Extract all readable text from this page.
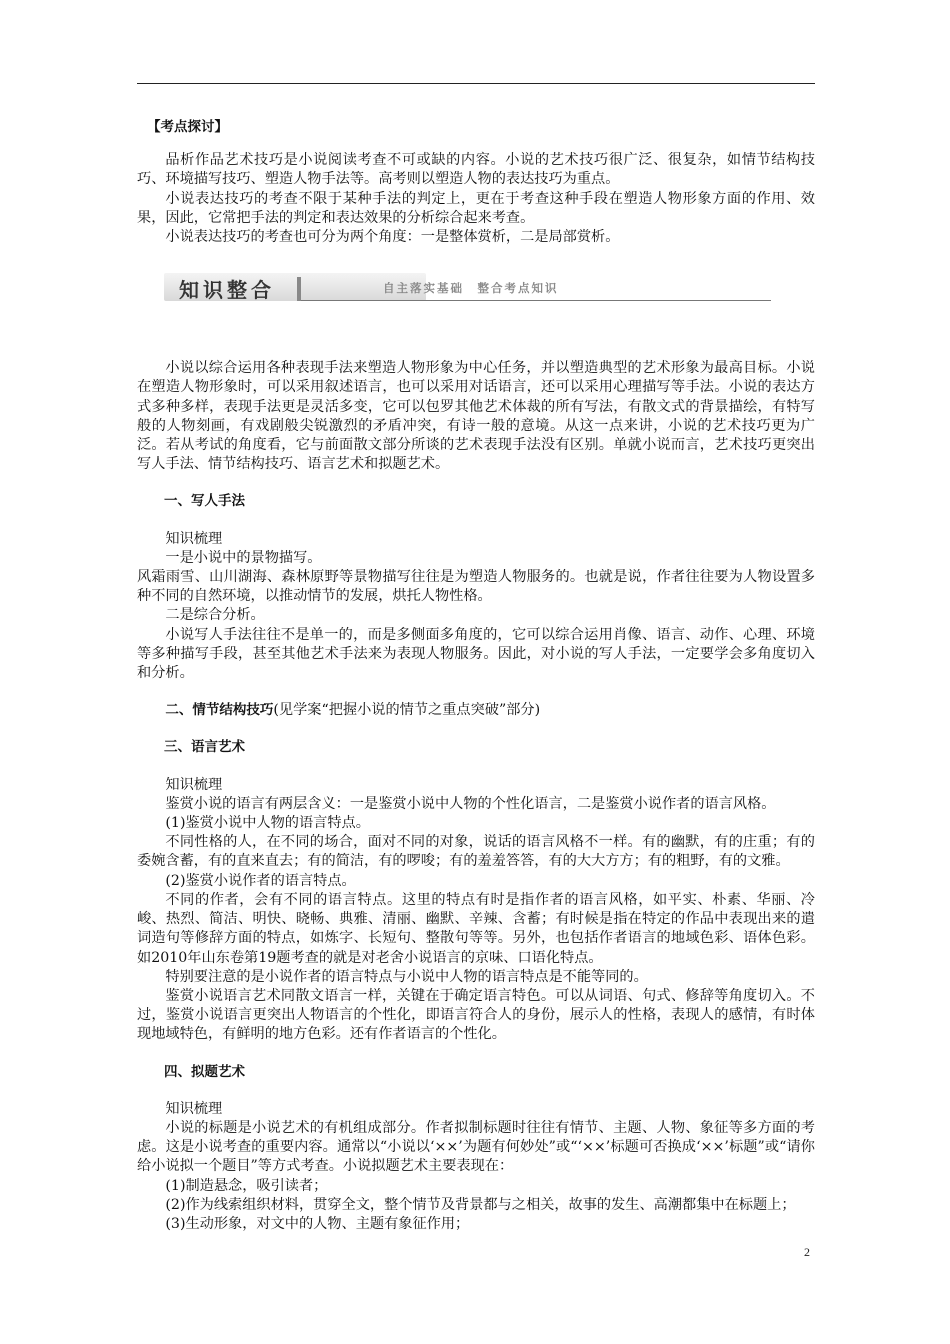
【考点探讨】

品析作品艺术技巧是小说阅读考查不可或缺的内容。小说的艺术技巧很广泛、很复杂，如情节结构技巧、环境描写技巧、塑造人物手法等。高考则以塑造人物的表达技巧为重点。

小说表达技巧的考查不限于某种手法的判定上，更在于考查这种手段在塑造人物形象方面的作用、效果，因此，它常把手法的判定和表达效果的分析综合起来考查。

小说表达技巧的考查也可分为两个角度：一是整体赏析，二是局部赏析。

知识整合	自主落实基础　整合考点知识

小说以综合运用各种表现手法来塑造人物形象为中心任务，并以塑造典型的艺术形象为最高目标。小说在塑造人物形象时，可以采用叙述语言，也可以采用对话语言，还可以采用心理描写等手法。小说的表达方式多种多样，表现手法更是灵活多变，它可以包罗其他艺术体裁的所有写法，有散文式的背景描绘，有特写般的人物刻画，有戏剧般尖锐激烈的矛盾冲突，有诗一般的意境。从这一点来讲，小说的艺术技巧更为广泛。若从考试的角度看，它与前面散文部分所谈的艺术表现手法没有区别。单就小说而言，艺术技巧更突出写人手法、情节结构技巧、语言艺术和拟题艺术。

一、写人手法

知识梳理

一是小说中的景物描写。

风霜雨雪、山川湖海、森林原野等景物描写往往是为塑造人物服务的。也就是说，作者往往要为人物设置多种不同的自然环境，以推动情节的发展，烘托人物性格。

二是综合分析。

小说写人手法往往不是单一的，而是多侧面多角度的，它可以综合运用肖像、语言、动作、心理、环境等多种描写手段，甚至其他艺术手法来为表现人物服务。因此，对小说的写人手法，一定要学会多角度切入和分析。

二、情节结构技巧(见学案“把握小说的情节之重点突破”部分)

三、语言艺术

知识梳理

鉴赏小说的语言有两层含义：一是鉴赏小说中人物的个性化语言，二是鉴赏小说作者的语言风格。

(1)鉴赏小说中人物的语言特点。

不同性格的人，在不同的场合，面对不同的对象，说话的语言风格不一样。有的幽默，有的庄重；有的委婉含蓄，有的直来直去；有的简洁，有的啰唆；有的羞羞答答，有的大大方方；有的粗野，有的文雅。

(2)鉴赏小说作者的语言特点。

不同的作者，会有不同的语言特点。这里的特点有时是指作者的语言风格，如平实、朴素、华丽、冷峻、热烈、简洁、明快、晓畅、典雅、清丽、幽默、辛辣、含蓄；有时候是指在特定的作品中表现出来的遣词造句等修辞方面的特点，如炼字、长短句、整散句等等。另外，也包括作者语言的地域色彩、语体色彩。如2010年山东卷第19题考查的就是对老舍小说语言的京味、口语化特点。

特别要注意的是小说作者的语言特点与小说中人物的语言特点是不能等同的。

鉴赏小说语言艺术同散文语言一样，关键在于确定语言特色。可以从词语、句式、修辞等角度切入。不过，鉴赏小说语言更突出人物语言的个性化，即语言符合人的身份，展示人的性格，表现人的感情，有时体现地域特色，有鲜明的地方色彩。还有作者语言的个性化。

四、拟题艺术

知识梳理

小说的标题是小说艺术的有机组成部分。作者拟制标题时往往有情节、主题、人物、象征等多方面的考虑。这是小说考查的重要内容。通常以“小说以‘××’为题有何妙处”或“‘××’标题可否换成‘××’标题”或“请你给小说拟一个题目”等方式考查。小说拟题艺术主要表现在：

(1)制造悬念，吸引读者；

(2)作为线索组织材料，贯穿全文，整个情节及背景都与之相关，故事的发生、高潮都集中在标题上；

(3)生动形象，对文中的人物、主题有象征作用；

2
